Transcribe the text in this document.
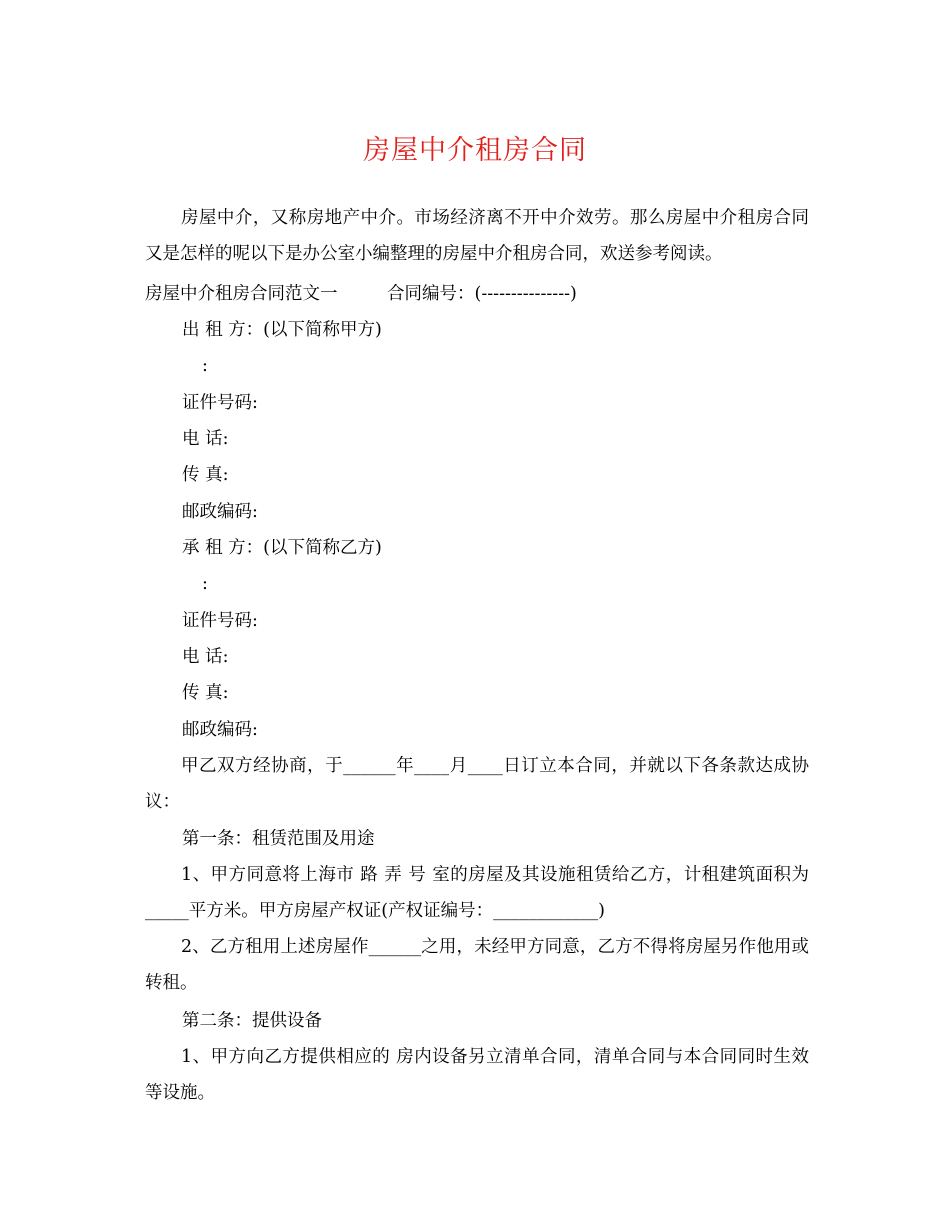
房屋中介租房合同
房屋中介，又称房地产中介。市场经济离不开中介效劳。那么房屋中介租房合同又是怎样的呢以下是办公室小编整理的房屋中介租房合同，欢送参考阅读。
房屋中介租房合同范文一	合同编号：(---------------)
出 租 方：(以下简称甲方)
:
证件号码:
电 话:
传 真:
邮政编码:
承 租 方：(以下简称乙方)
:
证件号码:
电 话:
传 真:
邮政编码:
甲乙双方经协商，于______年____月____日订立本合同，并就以下各条款达成协议：
第一条：租赁范围及用途
1、甲方同意将上海市 路 弄 号 室的房屋及其设施租赁给乙方，计租建筑面积为_____平方米。甲方房屋产权证(产权证编号：____________)
2、乙方租用上述房屋作______之用，未经甲方同意，乙方不得将房屋另作他用或转租。
第二条：提供设备
1、甲方向乙方提供相应的 房内设备另立清单合同，清单合同与本合同同时生效等设施。
